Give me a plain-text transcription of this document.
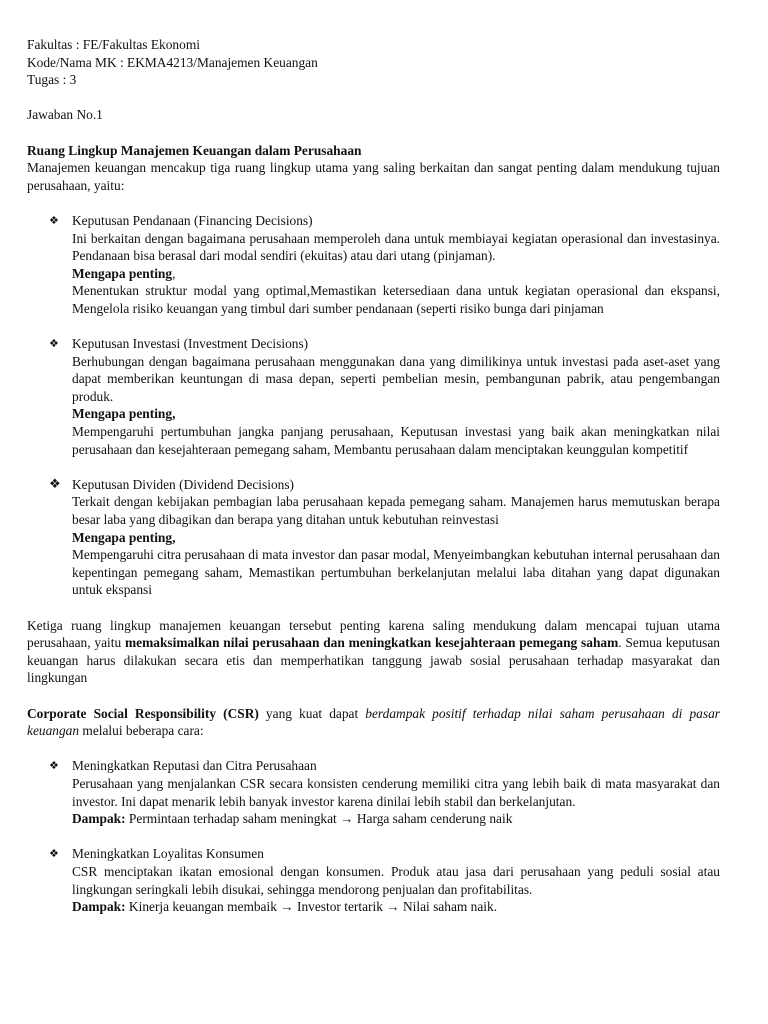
Fakultas : FE/Fakultas Ekonomi

Kode/Nama MK : EKMA4213/Manajemen Keuangan

Tugas : 3

Jawaban No.1

Ruang Lingkup Manajemen Keuangan dalam Perusahaan

Manajemen keuangan mencakup tiga ruang lingkup utama yang saling berkaitan dan sangat penting dalam mendukung tujuan perusahaan, yaitu:

❖ Keputusan Pendanaan (Financing Decisions)

Ini berkaitan dengan bagaimana perusahaan memperoleh dana untuk membiayai kegiatan operasional dan investasinya. Pendanaan bisa berasal dari modal sendiri (ekuitas) atau dari utang (pinjaman).

Mengapa penting,

Menentukan struktur modal yang optimal,Memastikan ketersediaan dana untuk kegiatan operasional dan ekspansi, Mengelola risiko keuangan yang timbul dari sumber pendanaan (seperti risiko bunga dari pinjaman

❖ Keputusan Investasi (Investment Decisions)

Berhubungan dengan bagaimana perusahaan menggunakan dana yang dimilikinya untuk investasi pada aset-aset yang dapat memberikan keuntungan di masa depan, seperti pembelian mesin, pembangunan pabrik, atau pengembangan produk.

Mengapa penting,

Mempengaruhi pertumbuhan jangka panjang perusahaan, Keputusan investasi yang baik akan meningkatkan nilai perusahaan dan kesejahteraan pemegang saham, Membantu perusahaan dalam menciptakan keunggulan kompetitif

❖ Keputusan Dividen (Dividend Decisions)

Terkait dengan kebijakan pembagian laba perusahaan kepada pemegang saham. Manajemen harus memutuskan berapa besar laba yang dibagikan dan berapa yang ditahan untuk kebutuhan reinvestasi

Mengapa penting,

Mempengaruhi citra perusahaan di mata investor dan pasar modal, Menyeimbangkan kebutuhan internal perusahaan dan kepentingan pemegang saham, Memastikan pertumbuhan berkelanjutan melalui laba ditahan yang dapat digunakan untuk ekspansi

Ketiga ruang lingkup manajemen keuangan tersebut penting karena saling mendukung dalam mencapai tujuan utama perusahaan, yaitu memaksimalkan nilai perusahaan dan meningkatkan kesejahteraan pemegang saham. Semua keputusan keuangan harus dilakukan secara etis dan memperhatikan tanggung jawab sosial perusahaan terhadap masyarakat dan lingkungan

Corporate Social Responsibility (CSR) yang kuat dapat berdampak positif terhadap nilai saham perusahaan di pasar keuangan melalui beberapa cara:

❖ Meningkatkan Reputasi dan Citra Perusahaan

Perusahaan yang menjalankan CSR secara konsisten cenderung memiliki citra yang lebih baik di mata masyarakat dan investor. Ini dapat menarik lebih banyak investor karena dinilai lebih stabil dan berkelanjutan.

Dampak: Permintaan terhadap saham meningkat → Harga saham cenderung naik

❖ Meningkatkan Loyalitas Konsumen

CSR menciptakan ikatan emosional dengan konsumen. Produk atau jasa dari perusahaan yang peduli sosial atau lingkungan seringkali lebih disukai, sehingga mendorong penjualan dan profitabilitas.

Dampak: Kinerja keuangan membaik → Investor tertarik → Nilai saham naik.
